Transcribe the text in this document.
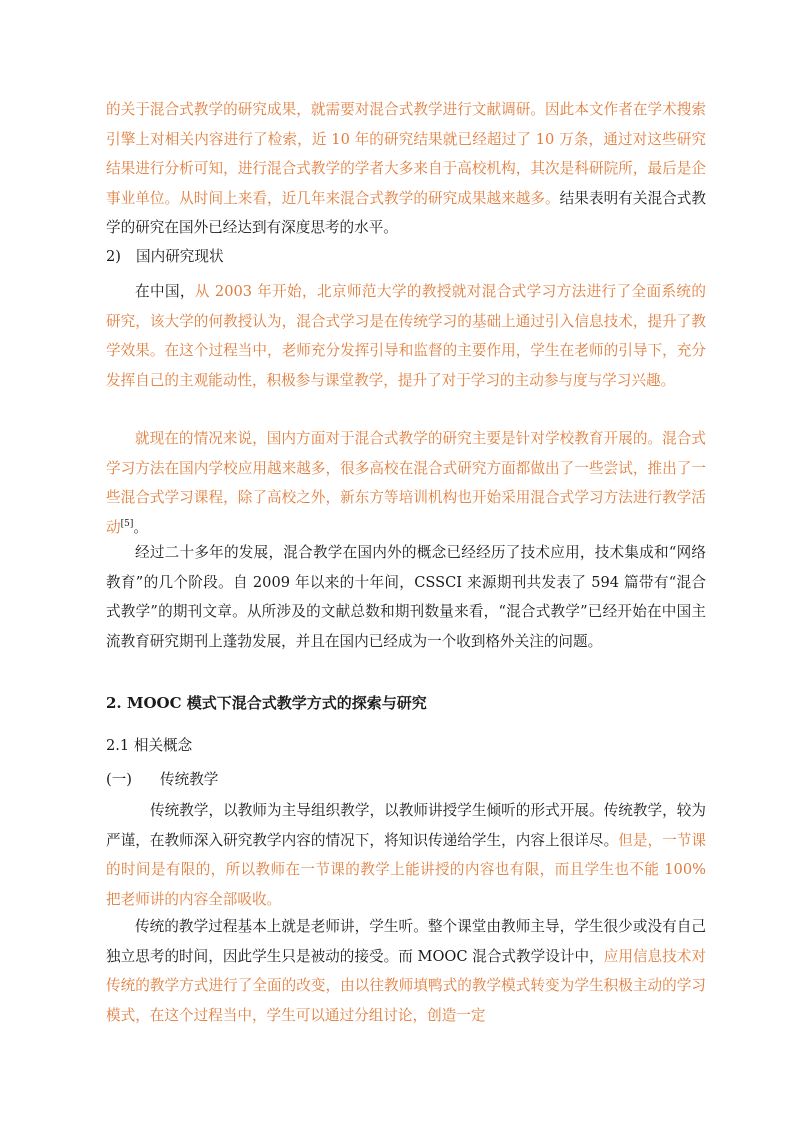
的关于混合式教学的研究成果，就需要对混合式教学进行文献调研。因此本文作者在学术搜索引擎上对相关内容进行了检索，近 10 年的研究结果就已经超过了 10 万条，通过对这些研究结果进行分析可知，进行混合式教学的学者大多来自于高校机构，其次是科研院所，最后是企事业单位。从时间上来看，近几年来混合式教学的研究成果越来越多。结果表明有关混合式教学的研究在国外已经达到有深度思考的水平。

2) 国内研究现状

在中国，从 2003 年开始，北京师范大学的教授就对混合式学习方法进行了全面系统的研究，该大学的何教授认为，混合式学习是在传统学习的基础上通过引入信息技术，提升了教学效果。在这个过程当中，老师充分发挥引导和监督的主要作用，学生在老师的引导下，充分发挥自己的主观能动性，积极参与课堂教学，提升了对于学习的主动参与度与学习兴趣。

就现在的情况来说，国内方面对于混合式教学的研究主要是针对学校教育开展的。混合式学习方法在国内学校应用越来越多，很多高校在混合式研究方面都做出了一些尝试，推出了一些混合式学习课程，除了高校之外，新东方等培训机构也开始采用混合式学习方法进行教学活动[5]。

经过二十多年的发展，混合教学在国内外的概念已经经历了技术应用，技术集成和“网络教育”的几个阶段。自 2009 年以来的十年间，CSSCI 来源期刊共发表了 594 篇带有“混合式教学”的期刊文章。从所涉及的文献总数和期刊数量来看，“混合式教学”已经开始在中国主流教育研究期刊上蓬勃发展，并且在国内已经成为一个收到格外关注的问题。

2. MOOC 模式下混合式教学方式的探索与研究

2.1 相关概念

(一) 传统教学

传统教学，以教师为主导组织教学，以教师讲授学生倾听的形式开展。传统教学，较为严谨，在教师深入研究教学内容的情况下，将知识传递给学生，内容上很详尽。但是，一节课的时间是有限的，所以教师在一节课的教学上能讲授的内容也有限，而且学生也不能 100%把老师讲的内容全部吸收。

传统的教学过程基本上就是老师讲，学生听。整个课堂由教师主导，学生很少或没有自己独立思考的时间，因此学生只是被动的接受。而 MOOC 混合式教学设计中，应用信息技术对传统的教学方式进行了全面的改变，由以往教师填鸭式的教学模式转变为学生积极主动的学习模式，在这个过程当中，学生可以通过分组讨论，创造一定
